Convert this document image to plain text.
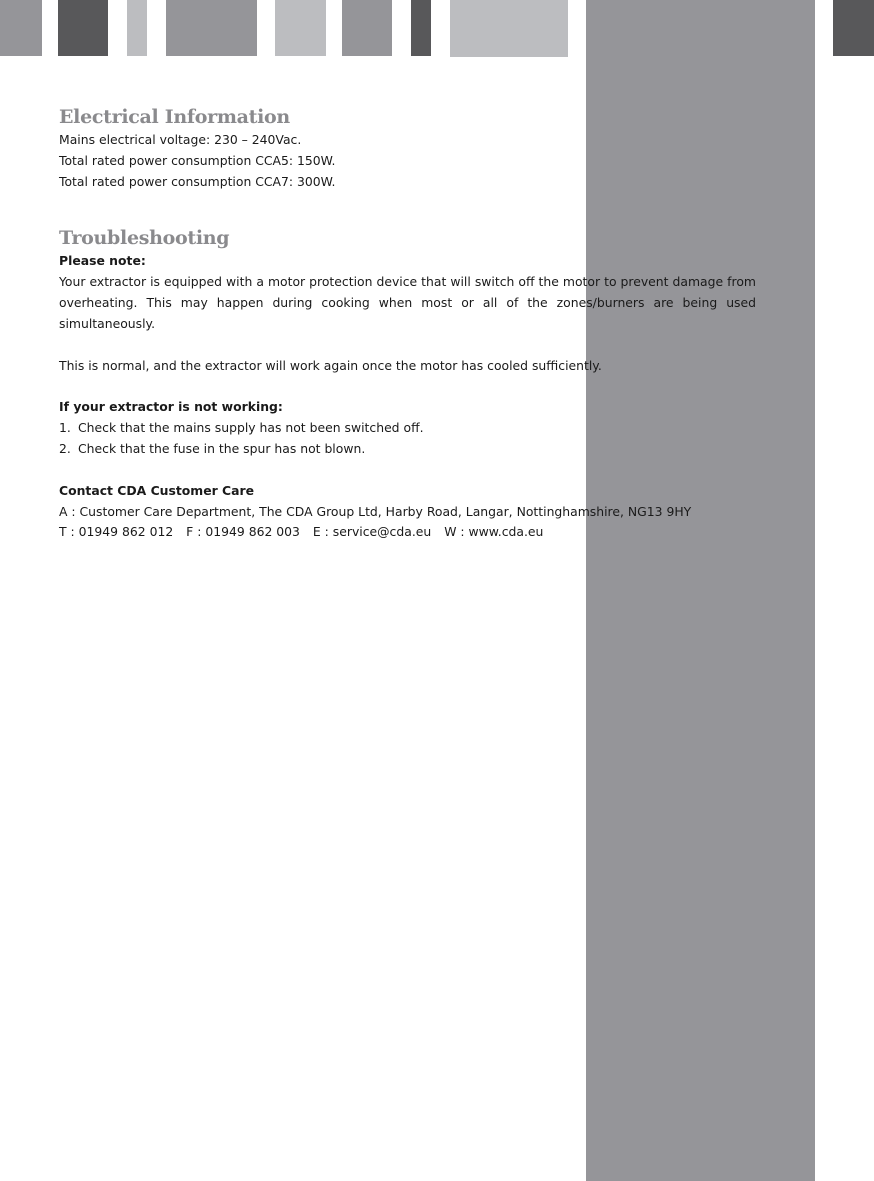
Electrical Information

Mains electrical voltage: 230 – 240Vac.

Total rated power consumption CCA5: 150W.

Total rated power consumption CCA7: 300W.

Troubleshooting

Please note:

Your extractor is equipped with a motor protection device that will switch off the motor to prevent damage from overheating. This may happen during cooking when most or all of the zones/burners are being used simultaneously.

This is normal, and the extractor will work again once the motor has cooled sufficiently.

If your extractor is not working:

1. Check that the mains supply has not been switched off.
2. Check that the fuse in the spur has not blown.

Contact CDA Customer Care

A : Customer Care Department, The CDA Group Ltd, Harby Road, Langar, Nottinghamshire, NG13 9HY

T : 01949 862 012 F : 01949 862 003 E : service@cda.eu W : www.cda.eu
